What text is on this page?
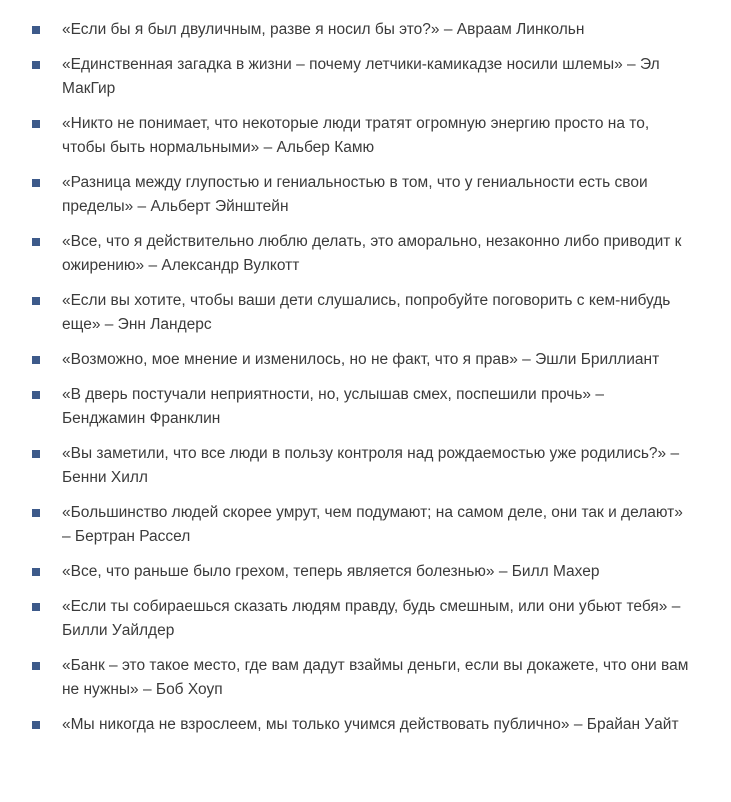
«Если бы я был двуличным, разве я носил бы это?» – Авраам Линкольн
«Единственная загадка в жизни – почему летчики-камикадзе носили шлемы» – Эл МакГир
«Никто не понимает, что некоторые люди тратят огромную энергию просто на то, чтобы быть нормальными» – Альбер Камю
«Разница между глупостью и гениальностью в том, что у гениальности есть свои пределы» – Альберт Эйнштейн
«Все, что я действительно люблю делать, это аморально, незаконно либо приводит к ожирению» – Александр Вулкотт
«Если вы хотите, чтобы ваши дети слушались, попробуйте поговорить с кем-нибудь еще» – Энн Ландерс
«Возможно, мое мнение и изменилось, но не факт, что я прав» – Эшли Бриллиант
«В дверь постучали неприятности, но, услышав смех, поспешили прочь» – Бенджамин Франклин
«Вы заметили, что все люди в пользу контроля над рождаемостью уже родились?» – Бенни Хилл
«Большинство людей скорее умрут, чем подумают; на самом деле, они так и делают» – Бертран Рассел
«Все, что раньше было грехом, теперь является болезнью» – Билл Махер
«Если ты собираешься сказать людям правду, будь смешным, или они убьют тебя» – Билли Уайлдер
«Банк – это такое место, где вам дадут взаймы деньги, если вы докажете, что они вам не нужны» – Боб Хоуп
«Мы никогда не взрослеем, мы только учимся действовать публично» – Брайан Уайт
